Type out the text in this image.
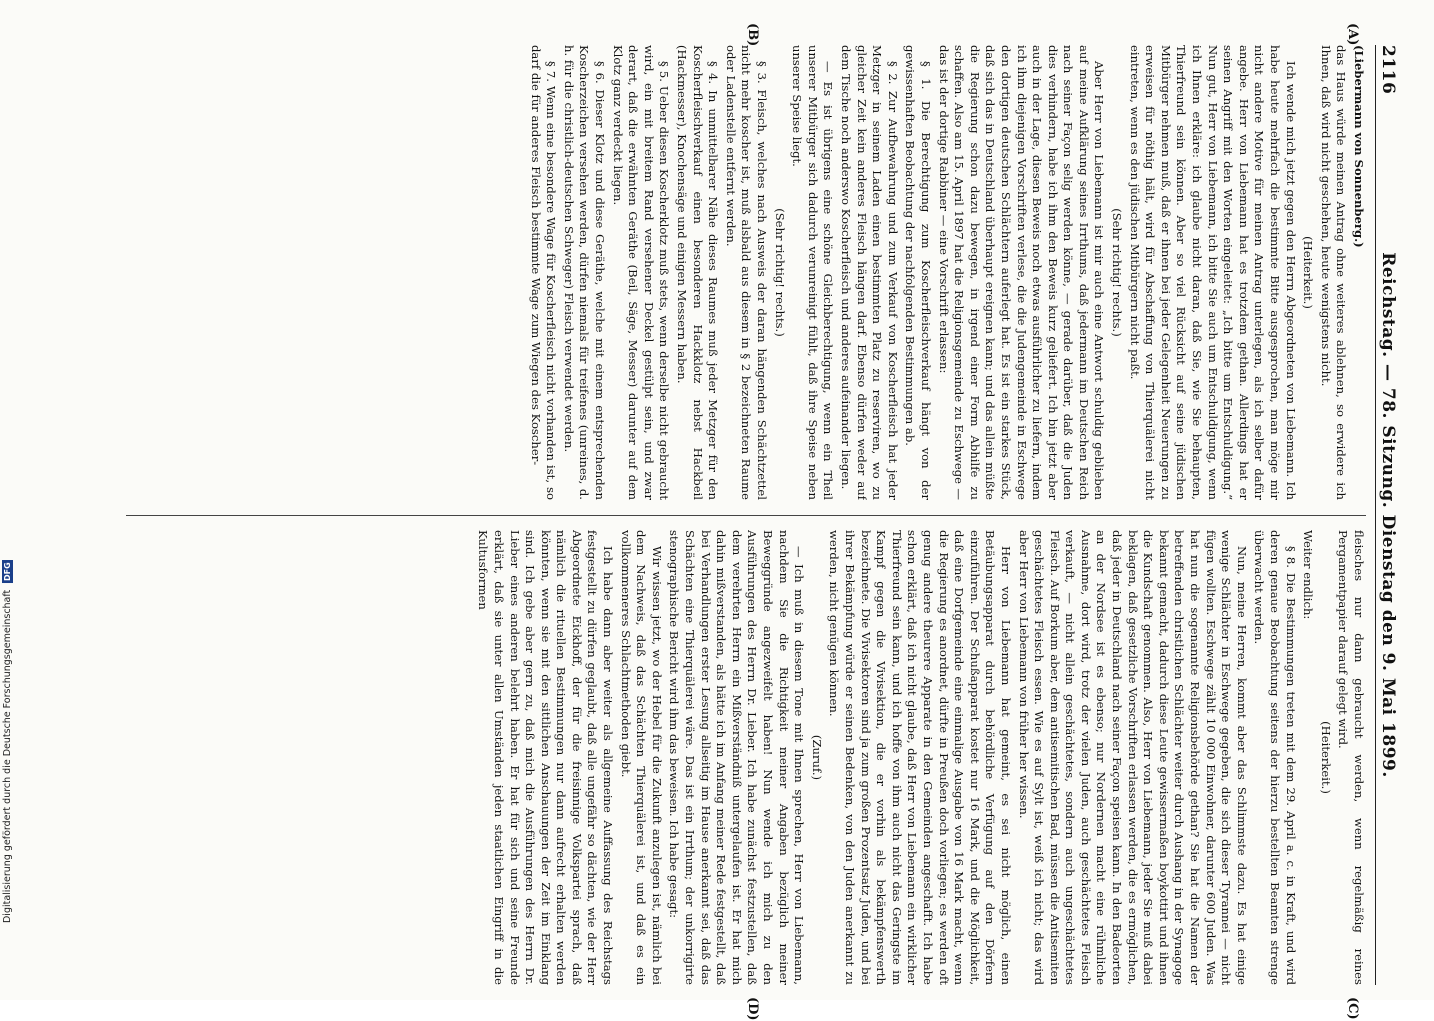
2116
Reichstag. — 78. Sitzung. Dienstag den 9. Mai 1899.
(A)
(B)
(C)
(D)

(Liebermann von Sonnenberg.)

das Haus würde meinen Antrag ohne weiteres ablehnen, so erwidere ich Ihnen, daß wird nicht geschehen, heute wenigstens nicht.

(Heiterkeit.)

Ich wende mich jetzt gegen den Herrn Abgeordneten von Liebemann. Ich habe heute mehrfach die bestimmte Bitte ausgesprochen, man möge mir nicht andere Motive für meinen Antrag unterlegen, als ich selber dafür angebe. Herr von Liebemann hat es trotzdem gethan. Allerdings hat er seinen Angriff mit den Worten eingeleitet: „Ich bitte um Entschuldigung.“ Nun gut, Herr von Liebemann, ich bitte Sie auch um Entschuldigung, wenn ich Ihnen erkläre: ich glaube nicht daran, daß Sie, wie Sie behaupten, Thierfreund sein können. Aber so viel Rücksicht auf seine jüdischen Mitbürger nehmen muß, daß er ihnen bei jeder Gelegenheit Neuerungen zu erweisen für nöthig hält, wird für Abschaffung von Thierquälerei nicht eintreten, wenn es den jüdischen Mitbürgern nicht paßt.

(Sehr richtig! rechts.)

Aber Herr von Liebemann ist mir auch eine Antwort schuldig geblieben auf meine Aufklärung seines Irrthums, daß jedermann im Deutschen Reich nach seiner Façon selig werden könne, — gerade darüber, daß die Juden dies verhindern, habe ich ihm den Beweis kurz geliefert. Ich bin jetzt aber auch in der Lage, diesen Beweis noch etwas ausführlicher zu liefern, indem ich ihm diejenigen Vorschriften verlese, die die Judengemeinde in Eschwege den dortigen deutschen Schlächtern auferlegt hat. Es ist ein starkes Stück, daß sich das in Deutschland überhaupt ereignen kann; und das allein müßte die Regierung schon dazu bewegen, in irgend einer Form Abhilfe zu schaffen. Also am 15. April 1897 hat die Religionsgemeinde zu Eschwege — das ist der dortige Rabbiner — eine Vorschrift erlassen:

§ 1. Die Berechtigung zum Koscherfleischverkauf hängt von der gewissenhaften Beobachtung der nachfolgenden Bestimmungen ab.

§ 2. Zur Aufbewahrung und zum Verkauf von Koscherfleisch hat jeder Metzger in seinem Laden einen bestimmten Platz zu reserviren, wo zu gleicher Zeit kein anderes Fleisch hängen darf. Ebenso dürfen weder auf dem Tische noch anderswo Koscherfleisch und anderes aufeinander liegen.

— Es ist übrigens eine schöne Gleichberechtigung, wenn ein Theil unserer Mitbürger sich dadurch verunreinigt fühlt, daß ihre Speise neben unserer Speise liegt.

(Sehr richtig! rechts.)

§ 3. Fleisch, welches nach Ausweis der daran hängenden Schächtzettel nicht mehr koscher ist, muß alsbald aus diesem in § 2 bezeichneten Raume oder Ladenstelle entfernt werden.

§ 4. In unmittelbarer Nähe dieses Raumes muß jeder Metzger für den Koscherfleischverkauf einen besonderen Hackklotz nebst Hackbeil (Hackmesser), Knochensäge und einigen Messern haben.

§ 5. Ueber diesen Koscherklotz muß stets, wenn derselbe nicht gebraucht wird, ein mit breitem Rand versehener Deckel gestülpt sein, und zwar derart, daß die erwähnten Geräthe (Beil, Säge, Messer) darunter auf dem Klotz ganz verdeckt liegen.

§ 6. Dieser Klotz und diese Geräthe, welche mit einem entsprechenden Koscherzeichen versehen werden, dürfen niemals für treifenes (unreines, d. h. für die christlich-deutschen Schweger) Fleisch verwendet werden.

§ 7. Wenn eine besondere Wage für Koscherfleisch nicht vorhanden ist, so darf die für anderes Fleisch bestimmte Wage zum Wiegen des Koscher-

fleisches nur dann gebraucht werden, wenn regelmäßig reines Pergamentpapier darauf gelegt wird.

(Heiterkeit.)

Weiter endlich:

§ 8. Die Bestimmungen treten mit dem 29. April a. c. in Kraft, und wird deren genaue Beobachtung seitens der hierzu bestellten Beamten strenge überwacht werden.

Nun, meine Herren, kommt aber das Schlimmste dazu. Es hat einige wenige Schlächter in Eschwege gegeben, die sich dieser Tyrannei — nicht fügen wollten. Eschwege zählt 10 000 Einwohner, darunter 600 Juden. Was hat nun die sogenannte Religionsbehörde gethan? Sie hat die Namen der betreffenden christlichen Schlächter weiter durch Aushang in der Synagoge bekannt gemacht, dadurch diese Leute gewissermaßen boykottirt und ihnen die Kundschaft genommen. Also, Herr von Liebemann, jeder Sie muß dabei beklagen, daß gesetzliche Vorschriften erlassen werden, die es ermöglichen, daß jeder in Deutschland nach seiner Façon speisen kann. In den Badeorten an der Nordsee ist es ebenso; nur Nordernen macht eine rühmliche Ausnahme, dort wird, trotz der vielen Juden, auch geschächtetes Fleisch verkauft, — nicht allein geschächtetes, sondern auch ungeschächtetes Fleisch. Auf Borkum aber, dem antisemitischen Bad, müssen die Antisemiten geschächtetes Fleisch essen. Wie es auf Sylt ist, weiß ich nicht; das wird aber Herr von Liebemann von früher her wissen.

Herr von Liebemann hat gemeint, es sei nicht möglich, einen Betäubungsapparat durch behördliche Verfügung auf den Dörfern einzuführen. Der Schußapparat kostet nur 16 Mark, und die Möglichkeit, daß eine Dorfgemeinde eine einmalige Ausgabe von 16 Mark macht, wenn die Regierung es anordnet, dürfte in Preußen doch vorliegen; es werden oft genug andere theurere Apparate in den Gemeinden angeschafft. Ich habe schon erklärt, daß ich nicht glaube, daß Herr von Liebemann ein wirklicher Thierfreund sein kann, und ich hoffe von ihm auch nicht das Geringste im Kampf gegen die Vivisektion, die er vorhin als bekämpfenswerth bezeichnete. Die Vivisektoren sind ja zum großen Prozentsatz Juden, und bei ihrer Bekämpfung würde er seinen Bedenken, von den Juden anerkannt zu werden, nicht genügen können.

(Zuruf.)

— Ich muß in diesem Tone mit Ihnen sprechen, Herr von Liebemann, nachdem Sie die Richtigkeit meiner Angaben bezüglich meiner Beweggründe angezweifelt haben! Nun wende ich mich zu den Ausführungen des Herrn Dr. Lieber. Ich habe zunächst festzustellen, daß dem verehrten Herrn ein Mißverständniß untergelaufen ist. Er hat mich dahin mißverstanden, als hätte ich im Anfang meiner Rede festgestellt, daß bei Verhandlungen erster Lesung allseitig im Hause anerkannt sei, daß das Schächten eine Thierquälerei wäre. Das ist ein Irrthum; der unkorrigirte stenographische Bericht wird ihm das beweisen. Ich habe gesagt:

Wir wissen jetzt, wo der Hebel für die Zukunft anzulegen ist, nämlich bei dem Nachweis, daß das Schächten Thierquälerei ist, und daß es ein vollkommeneres Schlachtmethoden giebt.

Ich habe dann aber weiter als allgemeine Auffassung des Reichstags festgestellt zu dürfen geglaubt, daß alle ungefähr so dächten, wie der Herr Abgeordnete Eickhoff, der für die freisinnige Volkspartei sprach, daß nämlich die rituellen Bestimmungen nur dann aufrecht erhalten werden könnten, wenn sie mit den sittlichen Anschauungen der Zeit im Einklang sind. Ich gebe aber gern zu, daß mich die Ausführungen des Herrn Dr. Lieber eines anderen belehrt haben. Er hat für sich und seine Freunde erklärt, daß sie unter allen Umständen jeden staatlichen Eingriff in die Kultusformen

Digitalisierung gefördert durch die Deutsche Forschungsgemeinschaft DFG
